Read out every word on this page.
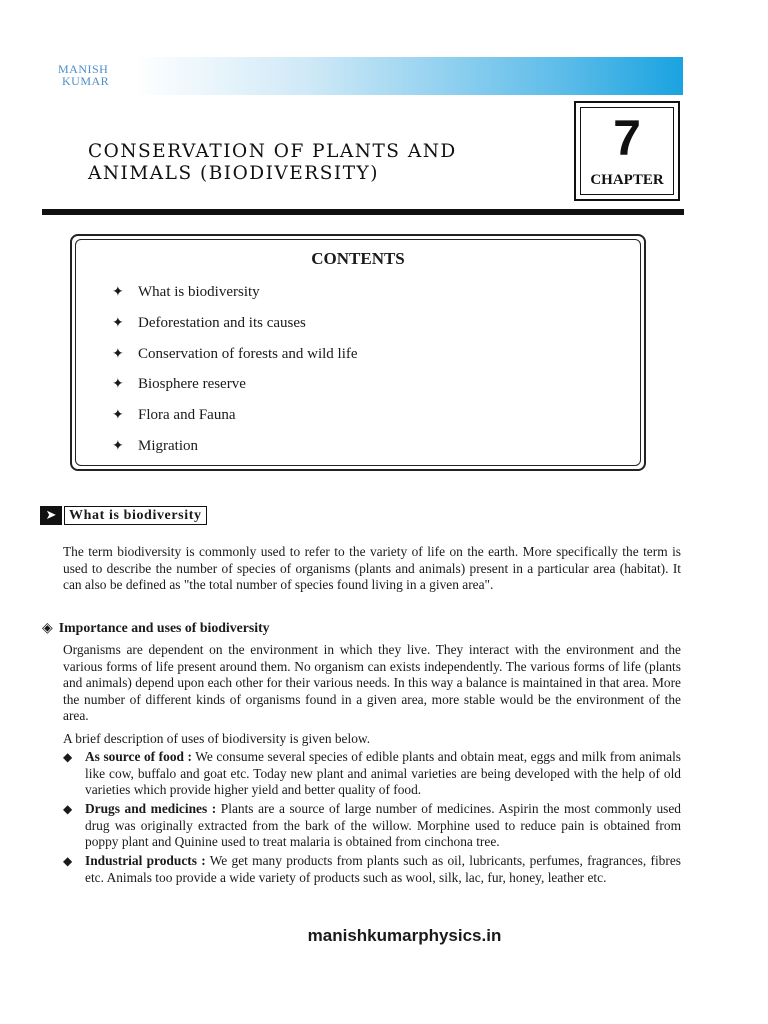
MANISH
KUMAR
CONSERVATION OF PLANTS AND
ANIMALS (BIODIVERSITY)
7
CHAPTER
CONTENTS
✦ What is biodiversity
✦ Deforestation and its causes
✦ Conservation of forests and wild life
✦ Biosphere reserve
✦ Flora and Fauna
✦ Migration
➤ What is biodiversity
The term biodiversity is commonly used to refer to the variety of life on the earth. More specifically the term is used to describe the number of species of organisms (plants and animals) present in a particular area (habitat). It can also be defined as "the total number of species found living in a given area".
◈ Importance and uses of biodiversity
Organisms are dependent on the environment in which they live. They interact with the environment and the various forms of life present around them. No organism can exists independently. The various forms of life (plants and animals) depend upon each other for their various needs. In this way a balance is maintained in that area. More the number of different kinds of organisms found in a given area, more stable would be the environment of the area.
A brief description of uses of biodiversity is given below.
◆ As source of food : We consume several species of edible plants and obtain meat, eggs and milk from animals like cow, buffalo and goat etc. Today new plant and animal varieties are being developed with the help of old varieties which provide higher yield and better quality of food.
◆ Drugs and medicines : Plants are a source of large number of medicines. Aspirin the most commonly used drug was originally extracted from the bark of the willow. Morphine used to reduce pain is obtained from poppy plant and Quinine used to treat malaria is obtained from cinchona tree.
◆ Industrial products : We get many products from plants such as oil, lubricants, perfumes, fragrances, fibres etc. Animals too provide a wide variety of products such as wool, silk, lac, fur, honey, leather etc.
manishkumarphysics.in
